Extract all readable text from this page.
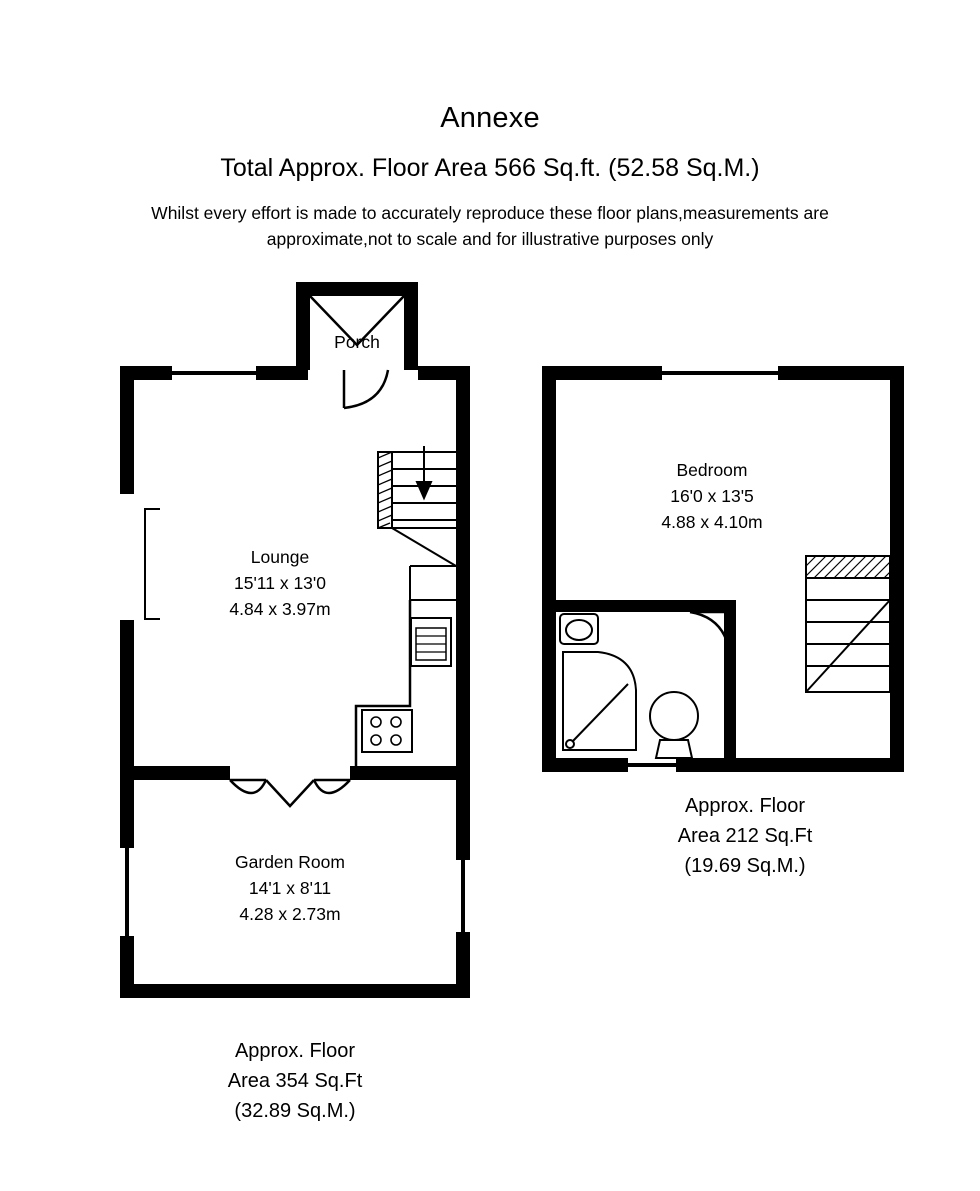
Annexe
Total Approx. Floor Area 566 Sq.ft. (52.58 Sq.M.)
Whilst every effort is made to accurately reproduce these floor plans,measurements are
approximate,not to scale and for illustrative purposes only
Porch
Lounge
15'11 x 13'0
4.84 x 3.97m
Garden Room
14'1 x 8'11
4.28 x 2.73m
Bedroom
16'0 x 13'5
4.88 x 4.10m
Approx. Floor
Area 354 Sq.Ft
(32.89 Sq.M.)
Approx. Floor
Area 212 Sq.Ft
(19.69 Sq.M.)
